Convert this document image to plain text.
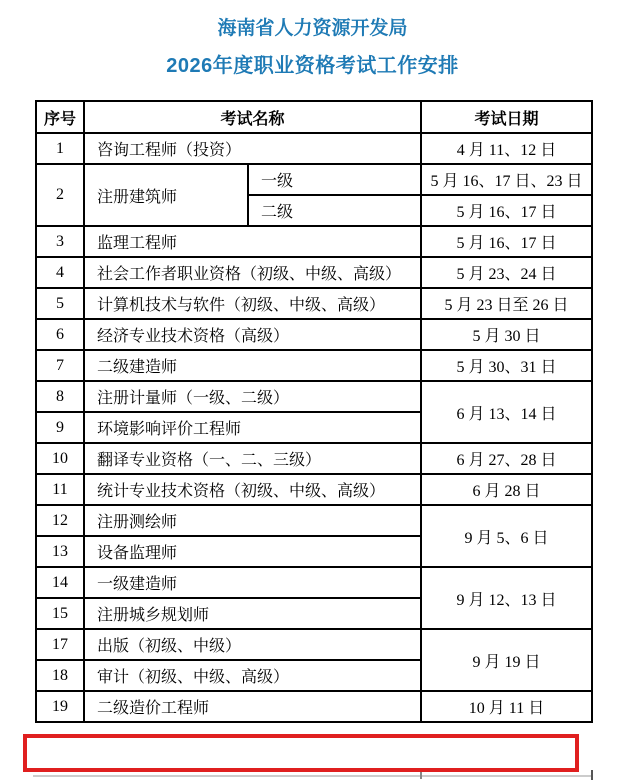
海南省人力资源开发局
2026年度职业资格考试工作安排
序号	考试名称		考试日期
1	咨询工程师（投资）		4 月 11、12 日
2	注册建筑师	一级	5 月 16、17 日、23 日
		二级	5 月 16、17 日
3	监理工程师		5 月 16、17 日
4	社会工作者职业资格（初级、中级、高级）		5 月 23、24 日
5	计算机技术与软件（初级、中级、高级）		5 月 23 日至 26 日
6	经济专业技术资格（高级）		5 月 30 日
7	二级建造师		5 月 30、31 日
8	注册计量师（一级、二级）		6 月 13、14 日
9	环境影响评价工程师		
10	翻译专业资格（一、二、三级）		6 月 27、28 日
11	统计专业技术资格（初级、中级、高级）		6 月 28 日
12	注册测绘师		9 月 5、6 日
13	设备监理师		
14	一级建造师		9 月 12、13 日
15	注册城乡规划师		
17	出版（初级、中级）		9 月 19 日
18	审计（初级、中级、高级）		
19	二级造价工程师		10 月 11 日
